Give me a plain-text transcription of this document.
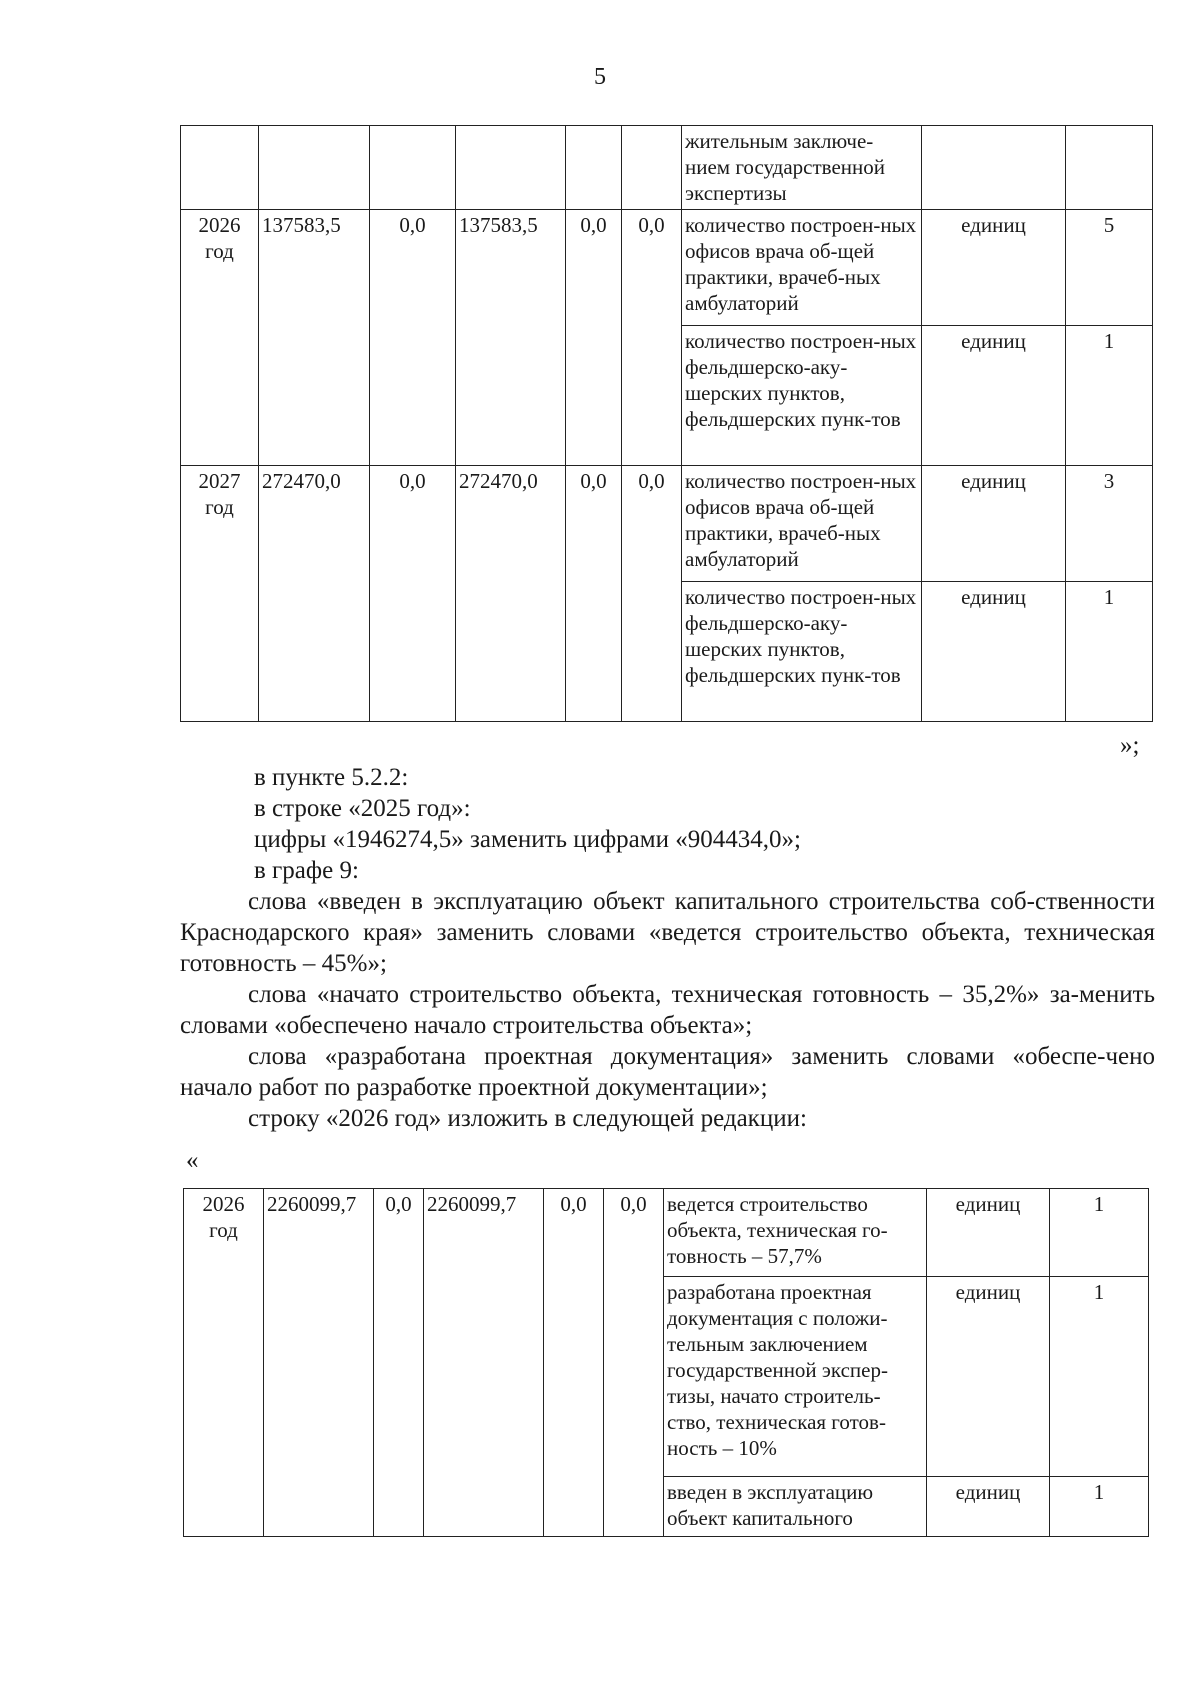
5
						жительным заключе-нием государственной экспертизы		
2026 год	137583,5	0,0	137583,5	0,0	0,0	количество построен-ных офисов врача об-щей практики, врачеб-ных амбулаторий	единиц	5
						количество построен-ных фельдшерско-аку-шерских пунктов, фельдшерских пунк-тов	единиц	1
2027 год	272470,0	0,0	272470,0	0,0	0,0	количество построен-ных офисов врача об-щей практики, врачеб-ных амбулаторий	единиц	3
						количество построен-ных фельдшерско-аку-шерских пунктов, фельдшерских пунк-тов	единиц	1
»;

в пункте 5.2.2:

в строке «2025 год»:

цифры «1946274,5» заменить цифрами «904434,0»;

в графе 9:

слова «введен в эксплуатацию объект капитального строительства соб-ственности Краснодарского края» заменить словами «ведется строительство объекта, техническая готовность – 45%»;

слова «начато строительство объекта, техническая готовность – 35,2%» за-менить словами «обеспечено начало строительства объекта»;

слова «разработана проектная документация» заменить словами «обеспе-чено начало работ по разработке проектной документации»;

строку «2026 год» изложить в следующей редакции:

«
2026 год	2260099,7	0,0	2260099,7	0,0	0,0	ведется строительство объекта, техническая го-товность – 57,7%	единиц	1
						разработана проектная документация с положи-тельным заключением государственной экспер-тизы, начато строитель-ство, техническая готов-ность – 10%	единиц	1
						введен в эксплуатацию объект капитального	единиц	1
